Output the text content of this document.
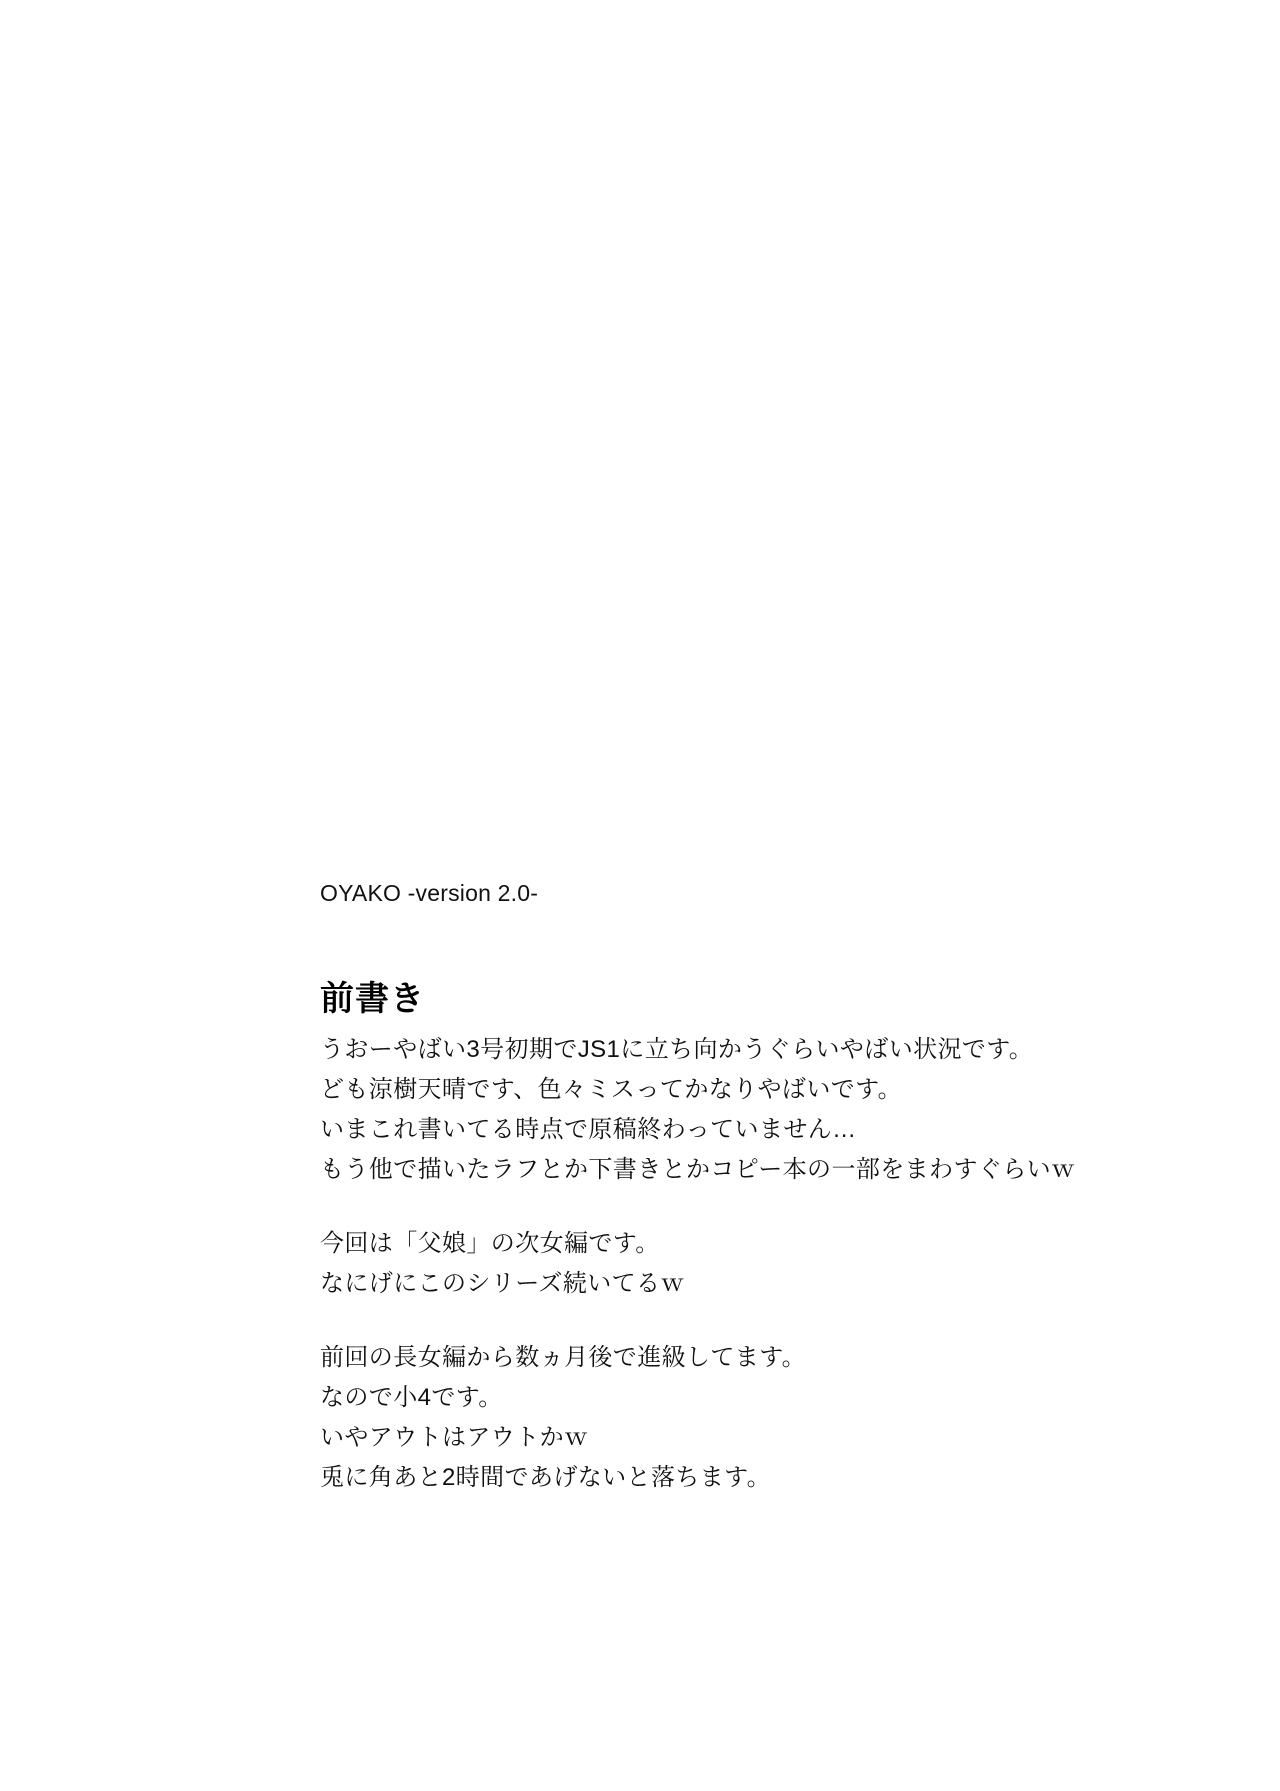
OYAKO -version 2.0-
前書き
うおーやばい3号初期でJS1に立ち向かうぐらいやばい状況です。
ども涼樹天晴です、色々ミスってかなりやばいです。
いまこれ書いてる時点で原稿終わっていません…
もう他で描いたラフとか下書きとかコピー本の一部をまわすぐらいｗ
今回は「父娘」の次女編です。
なにげにこのシリーズ続いてるｗ
前回の長女編から数ヵ月後で進級してます。
なので小4です。
いやアウトはアウトかｗ
兎に角あと2時間であげないと落ちます。
